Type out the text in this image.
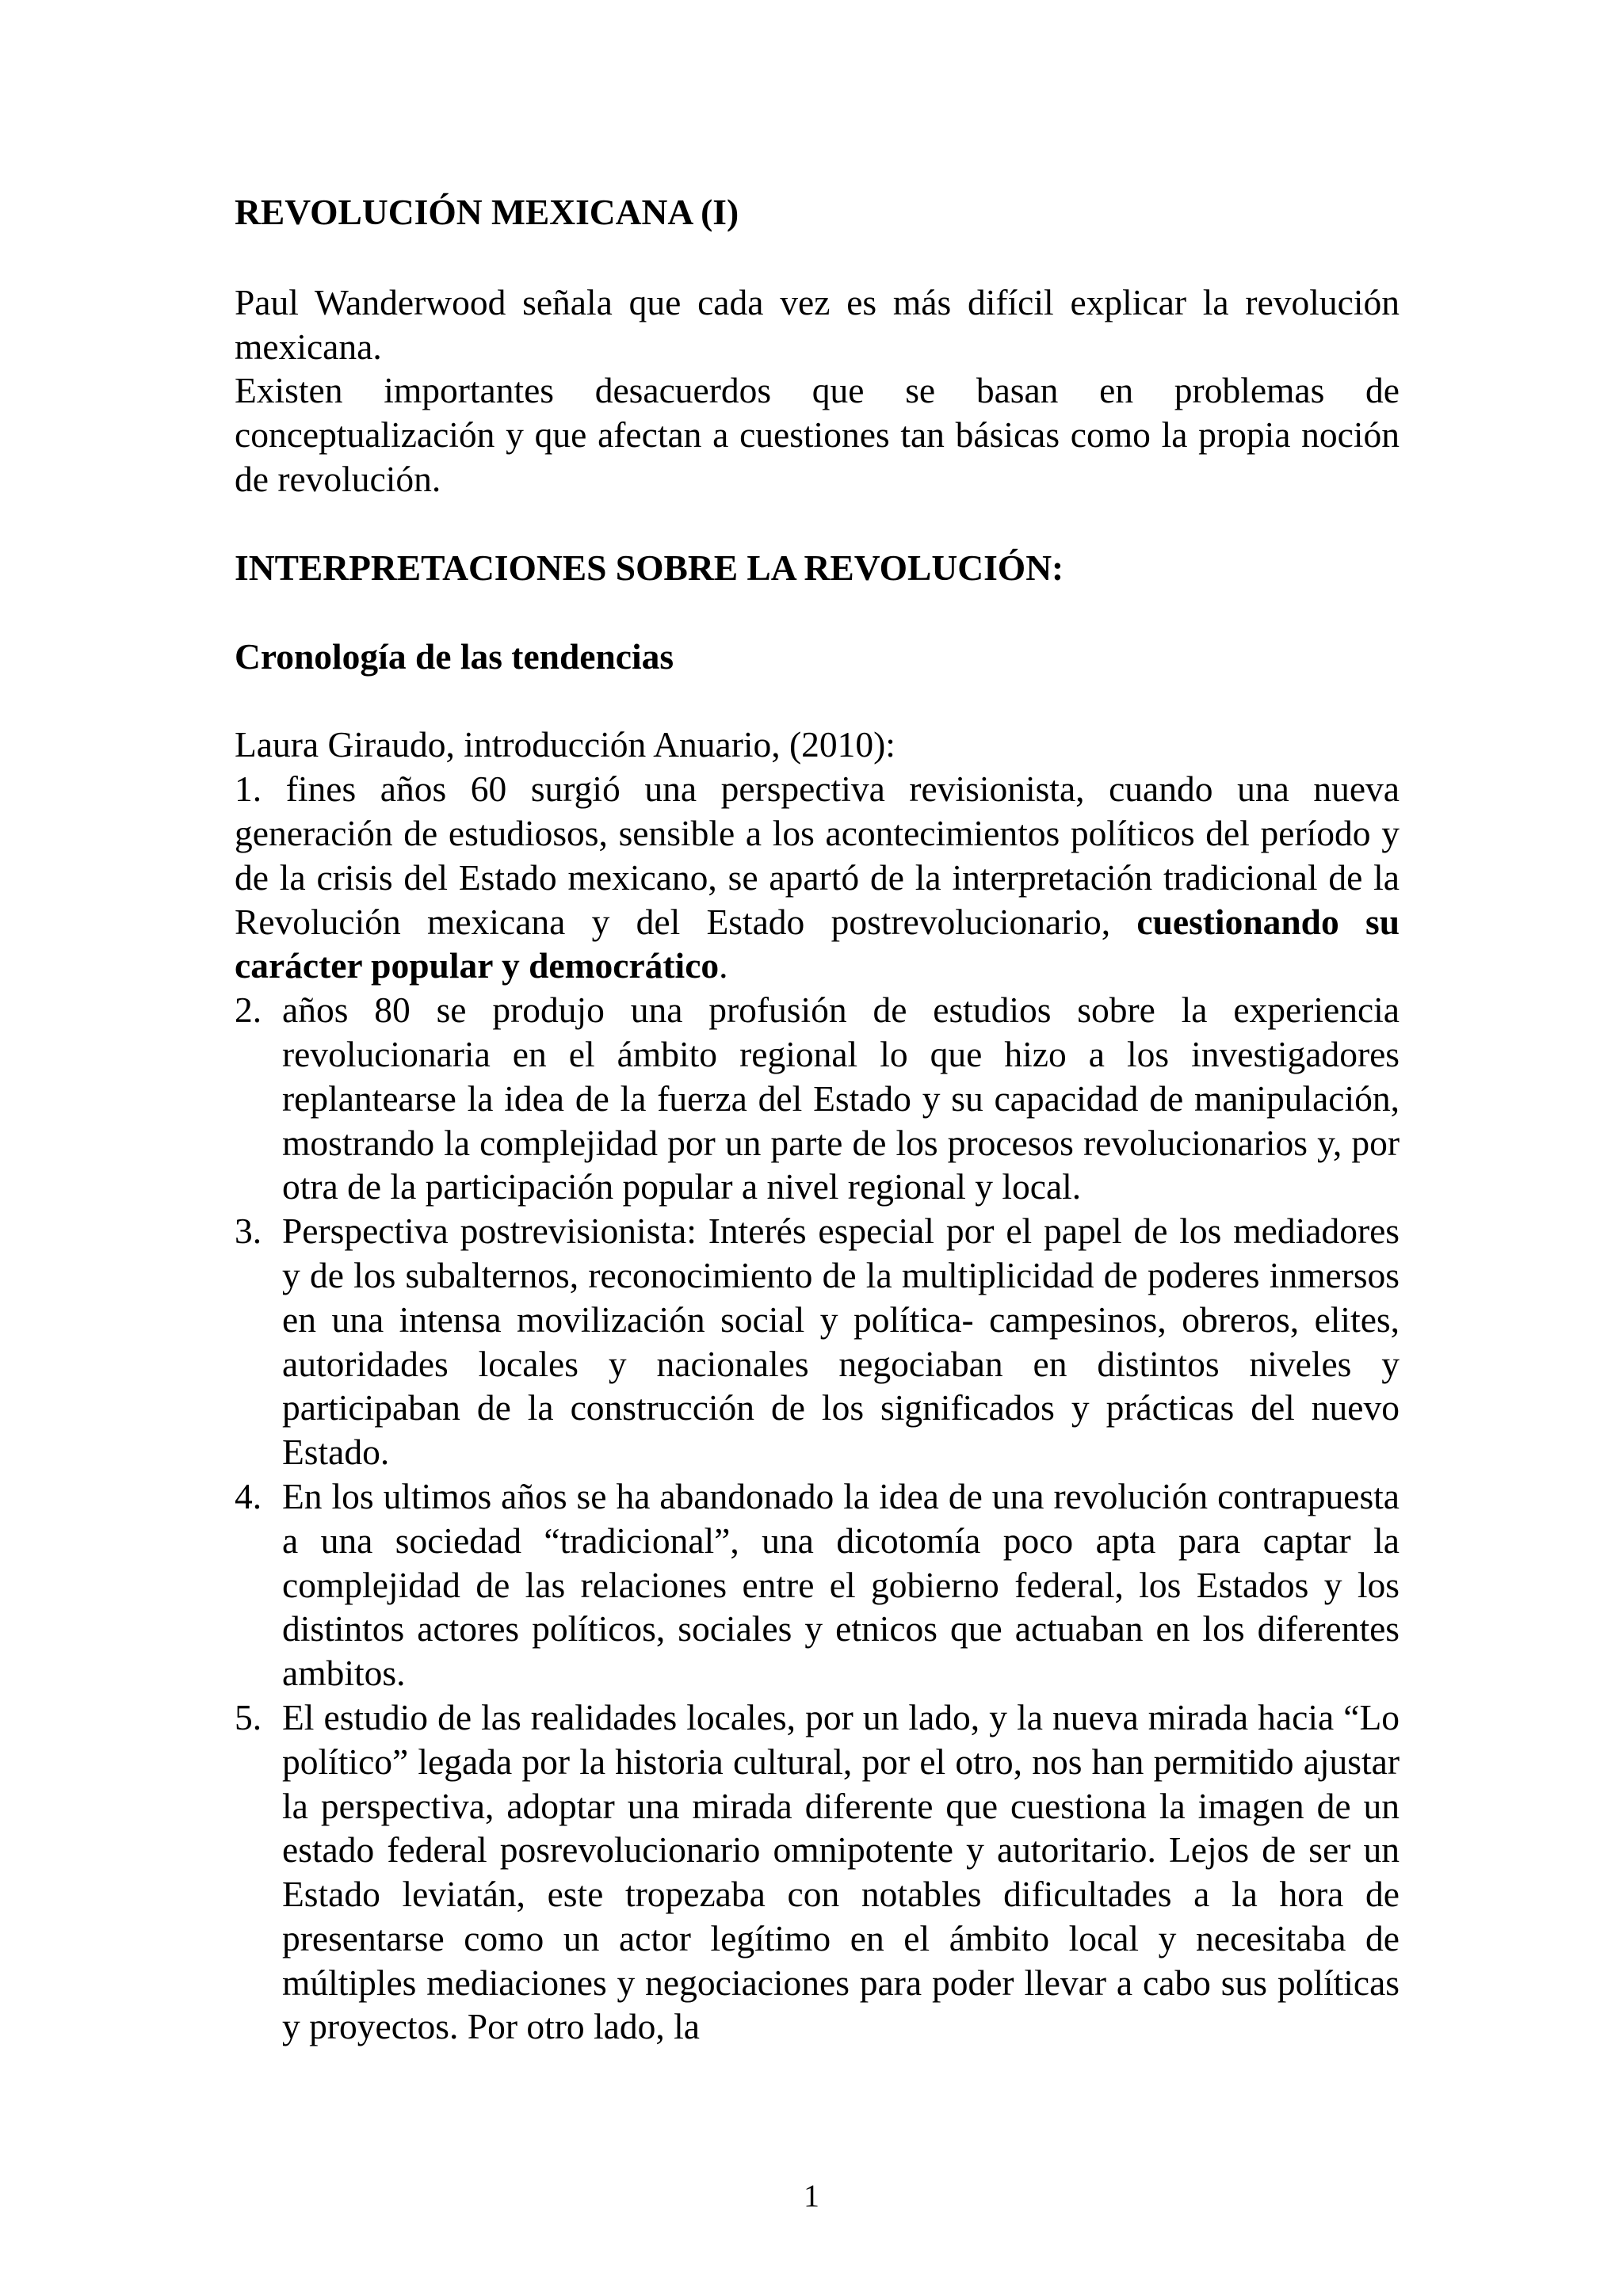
REVOLUCIÓN MEXICANA (I)

Paul Wanderwood señala que cada vez es más difícil explicar la revolución mexicana.

Existen importantes desacuerdos que se basan en problemas de conceptualización y que afectan a cuestiones tan básicas como la propia noción de revolución.

INTERPRETACIONES SOBRE LA REVOLUCIÓN:

Cronología de las tendencias

Laura Giraudo, introducción Anuario, (2010):

1. fines años 60 surgió una perspectiva revisionista, cuando una nueva generación de estudiosos, sensible a los acontecimientos políticos del período y de la crisis del Estado mexicano, se apartó de la interpretación tradicional de la Revolución mexicana y del Estado postrevolucionario, cuestionando su carácter popular y democrático.
2. años 80 se produjo una profusión de estudios sobre la experiencia revolucionaria en el ámbito regional lo que hizo a los investigadores replantearse la idea de la fuerza del Estado y su capacidad de manipulación, mostrando la complejidad por un parte de los procesos revolucionarios y, por otra de la participación popular a nivel regional y local.
3. Perspectiva postrevisionista: Interés especial por el papel de los mediadores y de los subalternos, reconocimiento de la multiplicidad de poderes inmersos en una intensa movilización social y política- campesinos, obreros, elites, autoridades locales y nacionales negociaban en distintos niveles y participaban de la construcción de los significados y prácticas del nuevo Estado.
4. En los ultimos años se ha abandonado la idea de una revolución contrapuesta a una sociedad “tradicional”, una dicotomía poco apta para captar la complejidad de las relaciones entre el gobierno federal, los Estados y los distintos actores políticos, sociales y etnicos que actuaban en los diferentes ambitos.
5. El estudio de las realidades locales, por un lado, y la nueva mirada hacia “Lo político” legada por la historia cultural, por el otro, nos han permitido ajustar la perspectiva, adoptar una mirada diferente que cuestiona la imagen de un estado federal posrevolucionario omnipotente y autoritario. Lejos de ser un Estado leviatán, este tropezaba con notables dificultades a la hora de presentarse como un actor legítimo en el ámbito local y necesitaba de múltiples mediaciones y negociaciones para poder llevar a cabo sus políticas y proyectos. Por otro lado, la
1
